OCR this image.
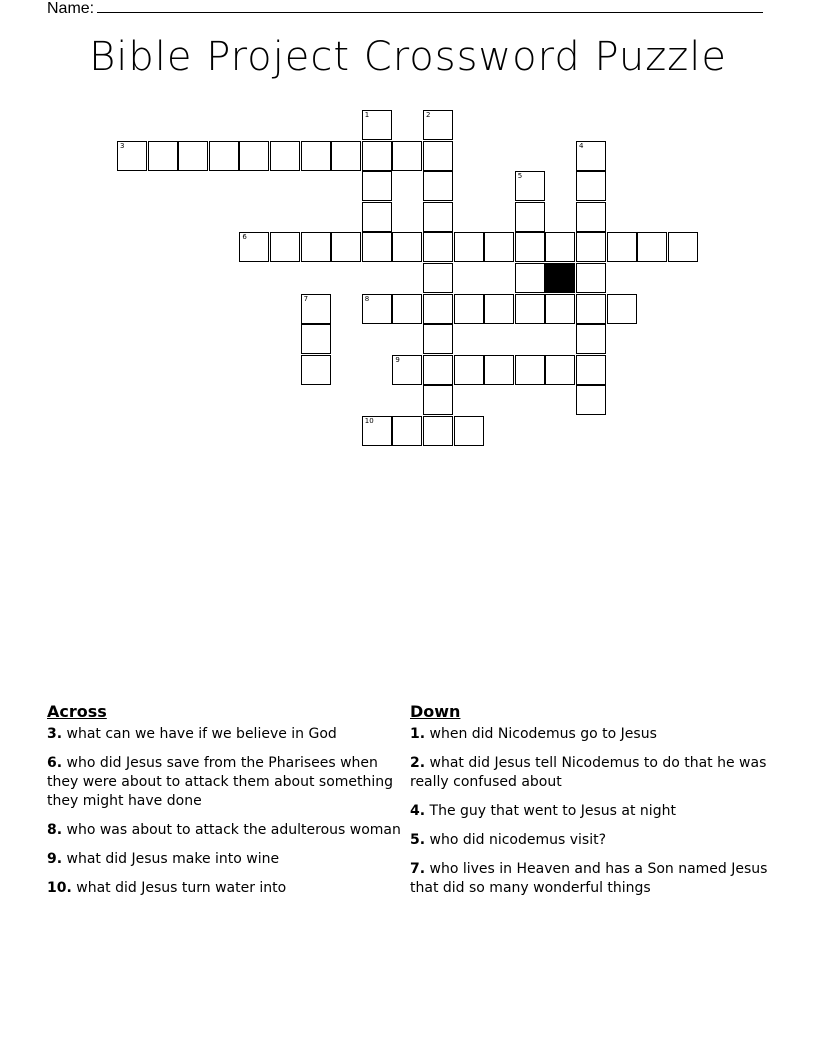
Name:
Bible Project Crossword Puzzle
3
6
8
9
10
1	2
4
5
7
Across
3. what can we have if we believe in God
6. who did Jesus save from the Pharisees when they were about to attack them about something they might have done
8. who was about to attack the adulterous woman
9. what did Jesus make into wine
10. what did Jesus turn water into
Down
1. when did Nicodemus go to Jesus
2. what did Jesus tell Nicodemus to do that he was really confused about
4. The guy that went to Jesus at night
5. who did nicodemus visit?
7. who lives in Heaven and has a Son named Jesus that did so many wonderful things
